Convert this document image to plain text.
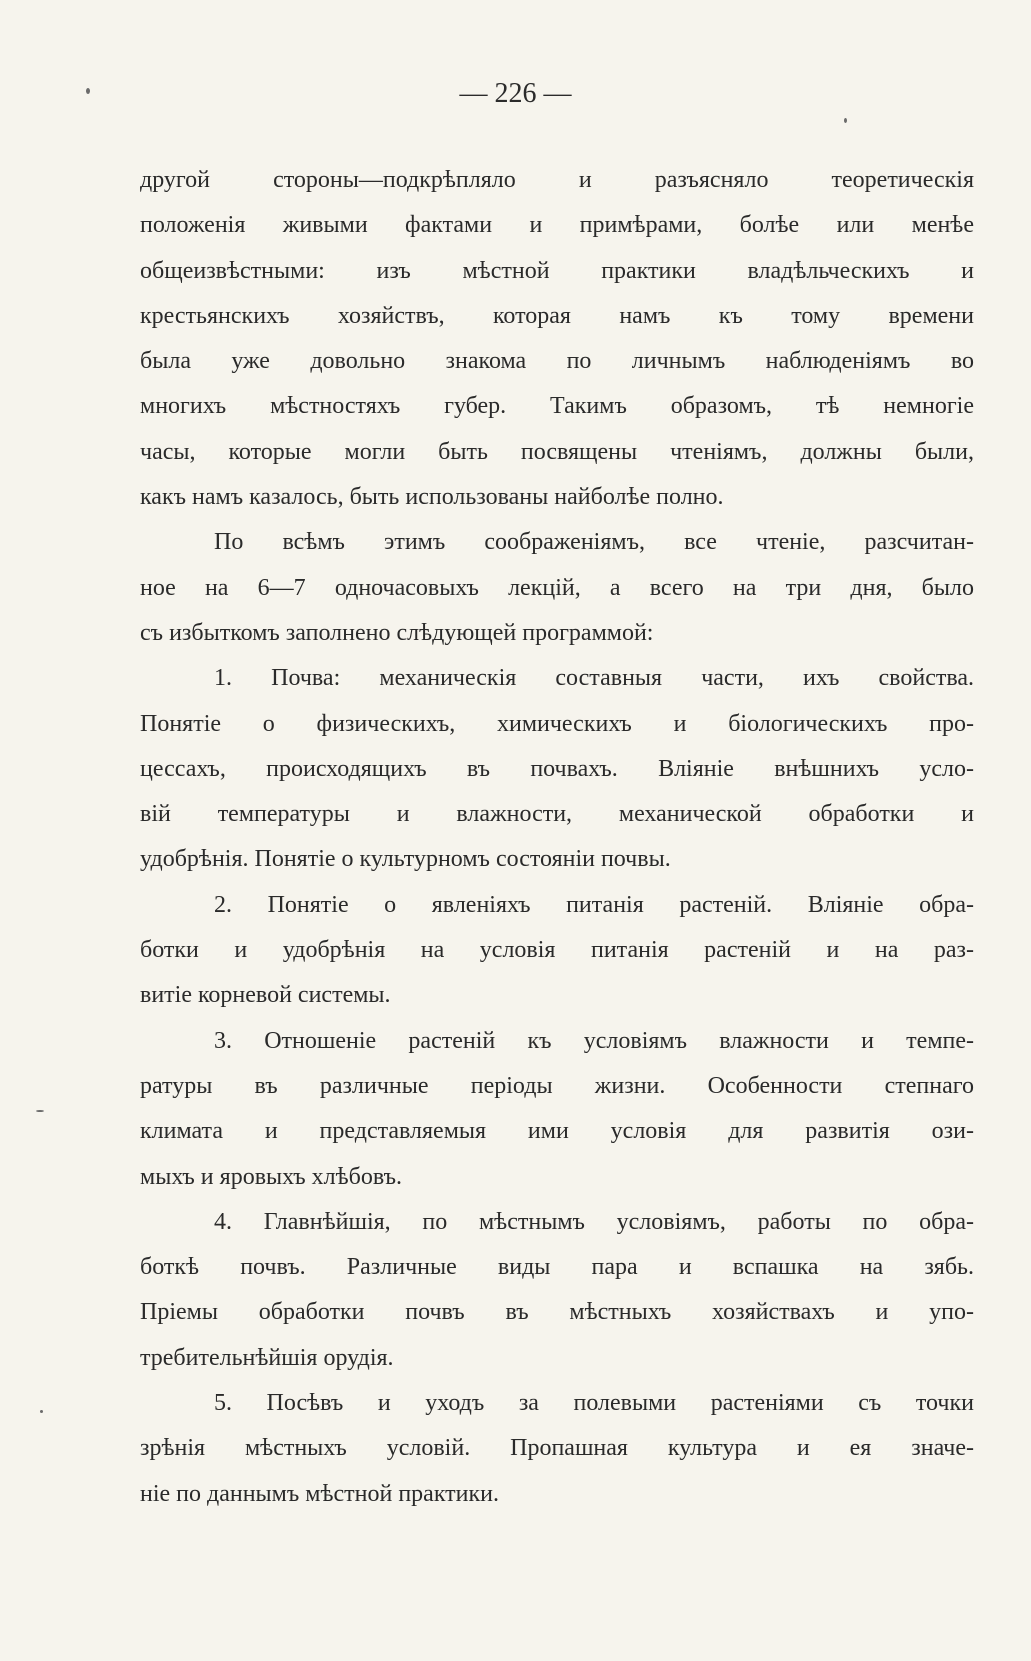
— 226 —
другой стороны—подкрѣпляло и разъясняло теоретическія
положенія живыми фактами и примѣрами, болѣе или менѣе
общеизвѣстными: изъ мѣстной практики владѣльческихъ и
крестьянскихъ хозяйствъ, которая намъ къ тому времени
была уже довольно знакома по личнымъ наблюденіямъ во
многихъ мѣстностяхъ губер. Такимъ образомъ, тѣ немногіе
часы, которые могли быть посвящены чтеніямъ, должны были,
какъ намъ казалось, быть использованы найболѣе полно.
По всѣмъ этимъ соображеніямъ, все чтеніе, разсчитан-
ное на 6—7 одночасовыхъ лекцій, а всего на три дня, было
съ избыткомъ заполнено слѣдующей программой:
1. Почва: механическія составныя части, ихъ свойства.
Понятіе о физическихъ, химическихъ и біологическихъ про-
цессахъ, происходящихъ въ почвахъ. Вліяніе внѣшнихъ усло-
вій температуры и влажности, механической обработки и
удобрѣнія. Понятіе о культурномъ состояніи почвы.
2. Понятіе о явленіяхъ питанія растеній. Вліяніе обра-
ботки и удобрѣнія на условія питанія растеній и на раз-
витіе корневой системы.
3. Отношеніе растеній къ условіямъ влажности и темпе-
ратуры въ различные періоды жизни. Особенности степнаго
климата и представляемыя ими условія для развитія ози-
мыхъ и яровыхъ хлѣбовъ.
4. Главнѣйшія, по мѣстнымъ условіямъ, работы по обра-
боткѣ почвъ. Различные виды пара и вспашка на зябь.
Пріемы обработки почвъ въ мѣстныхъ хозяйствахъ и упо-
требительнѣйшія орудія.
5. Посѣвъ и уходъ за полевыми растеніями съ точки
зрѣнія мѣстныхъ условій. Пропашная культура и ея значе-
ніе по даннымъ мѣстной практики.
